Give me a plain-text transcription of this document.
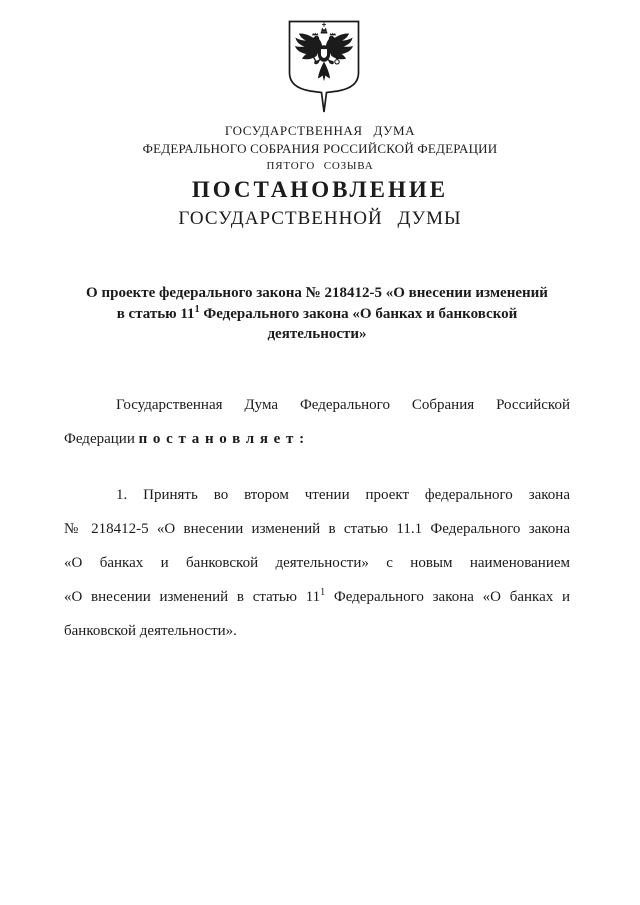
ГОСУДАРСТВЕННАЯ ДУМА
ФЕДЕРАЛЬНОГО СОБРАНИЯ РОССИЙСКОЙ ФЕДЕРАЦИИ
ПЯТОГО СОЗЫВА
ПОСТАНОВЛЕНИЕ
ГОСУДАРСТВЕННОЙ ДУМЫ
О проекте федерального закона № 218412-5 «О внесении изменений
в статью $11^1$ Федерального закона «О банках и банковской
деятельности»
Государственная Дума Федерального Собрания Российской
Федерации постановляет:
1. Принять во втором чтении проект федерального закона
№ 218412-5 «О внесении изменений в статью 11.1 Федерального закона
«О банках и банковской деятельности» с новым наименованием
«О внесении изменений в статью $11^1$ Федерального закона «О банках и
банковской деятельности».
